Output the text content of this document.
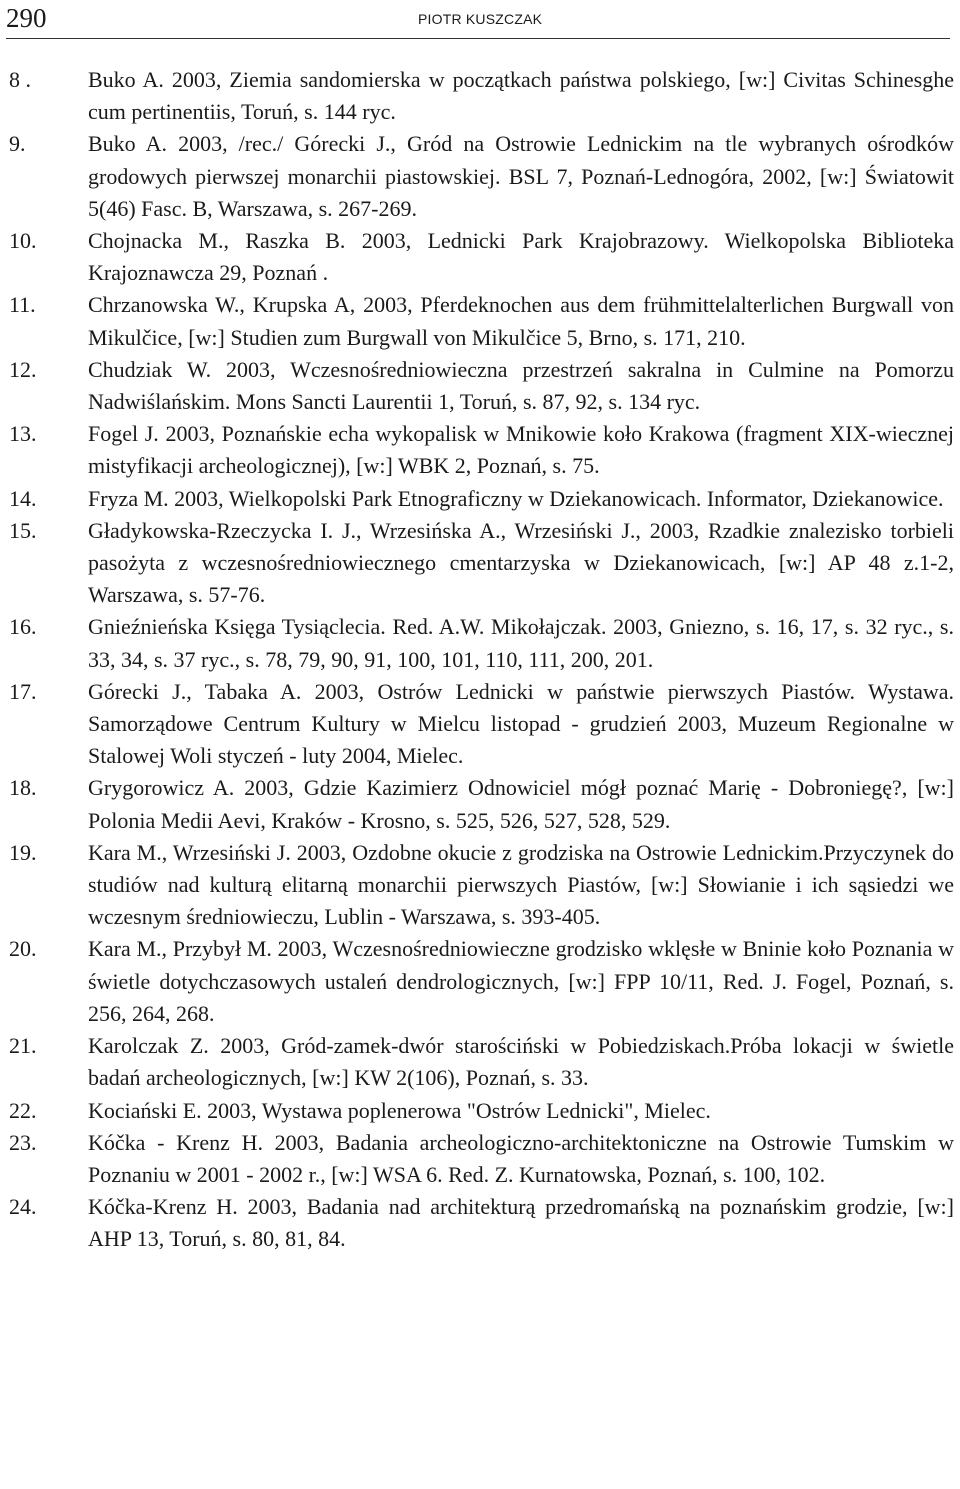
290	PIOTR KUSZCZAK
8 .	Buko A. 2003, Ziemia sandomierska w początkach państwa polskiego, [w:] Civitas Schinesghe cum pertinentiis, Toruń, s. 144 ryc.
9.	Buko A. 2003, /rec./ Górecki J., Gród na Ostrowie Lednickim na tle wybranych ośrodków grodowych pierwszej monarchii piastowskiej. BSL 7, Poznań-Lednogóra, 2002, [w:] Światowit 5(46) Fasc. B, Warszawa, s. 267-269.
10. Chojnacka M., Raszka B. 2003, Lednicki Park Krajobrazowy. Wielkopolska Biblioteka Krajoznawcza 29, Poznań .
11. Chrzanowska W., Krupska A, 2003, Pferdeknochen aus dem frühmittelalterlichen Burgwall von Mikulčice, [w:] Studien zum Burgwall von Mikulčice 5, Brno, s. 171, 210.
12. Chudziak W. 2003, Wczesnośredniowieczna przestrzeń sakralna in Culmine na Pomorzu Nadwiślańskim. Mons Sancti Laurentii 1, Toruń, s. 87, 92, s. 134 ryc.
13. Fogel J. 2003, Poznańskie echa wykopalisk w Mnikowie koło Krakowa (fragment XIX-wiecznej mistyfikacji archeologicznej), [w:] WBK 2, Poznań, s. 75.
14. Fryza M. 2003, Wielkopolski Park Etnograficzny w Dziekanowicach. Informator, Dziekanowice.
15. Gładykowska-Rzeczycka I. J., Wrzesińska A., Wrzesiński J., 2003, Rzadkie znalezisko torbieli pasożyta z wczesnośredniowiecznego cmentarzyska w Dziekanowicach, [w:] AP 48 z.1-2, Warszawa, s. 57-76.
16. Gnieźnieńska Księga Tysiąclecia. Red. A.W. Mikołajczak. 2003, Gniezno, s. 16, 17, s. 32 ryc., s. 33, 34, s. 37 ryc., s. 78, 79, 90, 91, 100, 101, 110, 111, 200, 201.
17. Górecki J., Tabaka A. 2003, Ostrów Lednicki w państwie pierwszych Piastów. Wystawa. Samorządowe Centrum Kultury w Mielcu listopad - grudzień 2003, Muzeum Regionalne w Stalowej Woli styczeń - luty 2004, Mielec.
18. Grygorowicz A. 2003, Gdzie Kazimierz Odnowiciel mógł poznać Marię - Dobroniegę?, [w:] Polonia Medii Aevi, Kraków - Krosno, s. 525, 526, 527, 528, 529.
19. Kara M., Wrzesiński J. 2003, Ozdobne okucie z grodziska na Ostrowie Lednickim.Przyczynek do studiów nad kulturą elitarną monarchii pierwszych Piastów, [w:] Słowianie i ich sąsiedzi we wczesnym średniowieczu, Lublin - Warszawa, s. 393-405.
20. Kara M., Przybył M. 2003, Wczesnośredniowieczne grodzisko wklęsłe w Bninie koło Poznania w świetle dotychczasowych ustaleń dendrologicznych, [w:] FPP 10/11, Red. J. Fogel, Poznań, s. 256, 264, 268.
21. Karolczak Z. 2003, Gród-zamek-dwór starościński w Pobiedziskach.Próba lokacji w świetle badań archeologicznych, [w:] KW 2(106), Poznań, s. 33.
22. Kociański E. 2003, Wystawa poplenerowa "Ostrów Lednicki", Mielec.
23. Kóčka - Krenz H. 2003, Badania archeologiczno-architektoniczne na Ostrowie Tumskim w Poznaniu w 2001 - 2002 r., [w:] WSA 6. Red. Z. Kurnatowska, Poznań, s. 100, 102.
24. Kóčka-Krenz H. 2003, Badania nad architekturą przedromańską na poznańskim grodzie, [w:] AHP 13, Toruń, s. 80, 81, 84.
